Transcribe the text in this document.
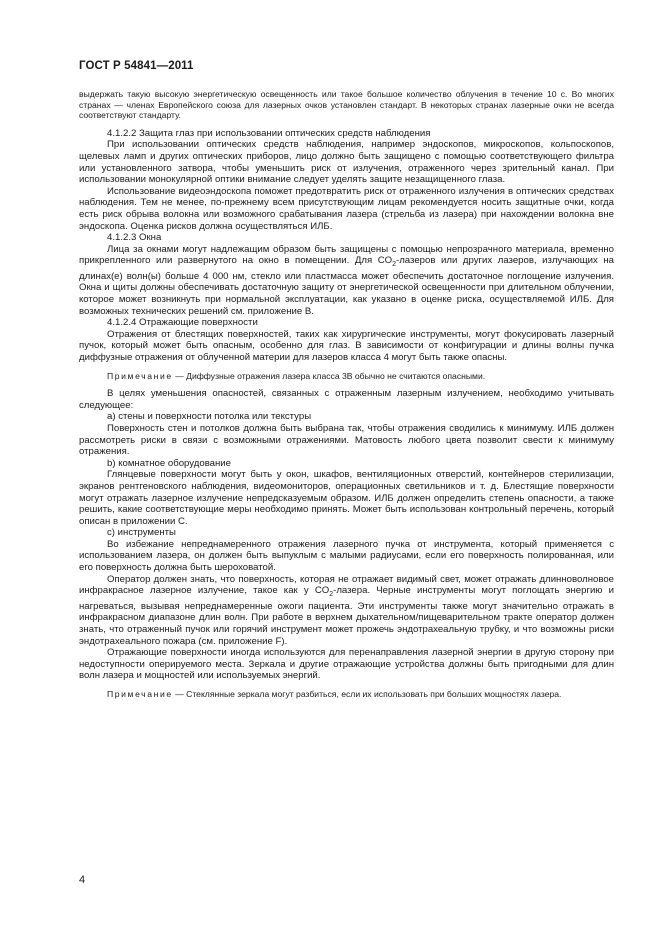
ГОСТ Р 54841—2011

выдержать такую высокую энергетическую освещенность или такое большое количество облучения в течение 10 с. Во многих странах — членах Европейского союза для лазерных очков установлен стандарт. В некоторых странах лазерные очки не всегда соответствуют стандарту.

4.1.2.2 Защита глаз при использовании оптических средств наблюдения

При использовании оптических средств наблюдения, например эндоскопов, микроскопов, кольпоскопов, щелевых ламп и других оптических приборов, лицо должно быть защищено с помощью соответствующего фильтра или установленного затвора, чтобы уменьшить риск от излучения, отраженного через зрительный канал. При использовании монокулярной оптики внимание следует уделять защите незащищенного глаза.

Использование видеоэндоскопа поможет предотвратить риск от отраженного излучения в оптических средствах наблюдения. Тем не менее, по-прежнему всем присутствующим лицам рекомендуется носить защитные очки, когда есть риск обрыва волокна или возможного срабатывания лазера (стрельба из лазера) при нахождении волокна вне эндоскопа. Оценка рисков должна осуществляться ИЛБ.

4.1.2.3 Окна

Лица за окнами могут надлежащим образом быть защищены с помощью непрозрачного материала, временно прикрепленного или развернутого на окно в помещении. Для $CO_2$-лазеров или других лазеров, излучающих на длинах(е) волн(ы) больше 4 000 нм, стекло или пластмасса может обеспечить достаточное поглощение излучения. Окна и щиты должны обеспечивать достаточную защиту от энергетической освещенности при длительном облучении, которое может возникнуть при нормальной эксплуатации, как указано в оценке риска, осуществляемой ИЛБ. Для возможных технических решений см. приложение В.

4.1.2.4 Отражающие поверхности

Отражения от блестящих поверхностей, таких как хирургические инструменты, могут фокусировать лазерный пучок, который может быть опасным, особенно для глаз. В зависимости от конфигурации и длины волны пучка диффузные отражения от облученной материи для лазеров класса 4 могут быть также опасны.

Примечание — Диффузные отражения лазера класса 3В обычно не считаются опасными.

В целях уменьшения опасностей, связанных с отраженным лазерным излучением, необходимо учитывать следующее:

а) стены и поверхности потолка или текстуры

Поверхность стен и потолков должна быть выбрана так, чтобы отражения сводились к минимуму. ИЛБ должен рассмотреть риски в связи с возможными отражениями. Матовость любого цвета позволит свести к минимуму отражения.

b) комнатное оборудование

Глянцевые поверхности могут быть у окон, шкафов, вентиляционных отверстий, контейнеров стерилизации, экранов рентгеновского наблюдения, видеомониторов, операционных светильников и т. д. Блестящие поверхности могут отражать лазерное излучение непредсказуемым образом. ИЛБ должен определить степень опасности, а также решить, какие соответствующие меры необходимо принять. Может быть использован контрольный перечень, который описан в приложении С.

с) инструменты

Во избежание непреднамеренного отражения лазерного пучка от инструмента, который применяется с использованием лазера, он должен быть выпуклым с малыми радиусами, если его поверхность полированная, или его поверхность должна быть шероховатой.

Оператор должен знать, что поверхность, которая не отражает видимый свет, может отражать длинноволновое инфракрасное лазерное излучение, такое как у $CO_2$-лазера. Черные инструменты могут поглощать энергию и нагреваться, вызывая непреднамеренные ожоги пациента. Эти инструменты также могут значительно отражать в инфракрасном диапазоне длин волн. При работе в верхнем дыхательном/пищеварительном тракте оператор должен знать, что отраженный пучок или горячий инструмент может прожечь эндотрахеальную трубку, и что возможны риски эндотрахеального пожара (см. приложение F).

Отражающие поверхности иногда используются для перенаправления лазерной энергии в другую сторону при недоступности оперируемого места. Зеркала и другие отражающие устройства должны быть пригодными для длин волн лазера и мощностей или используемых энергий.

Примечание — Стеклянные зеркала могут разбиться, если их использовать при больших мощностях лазера.

4
